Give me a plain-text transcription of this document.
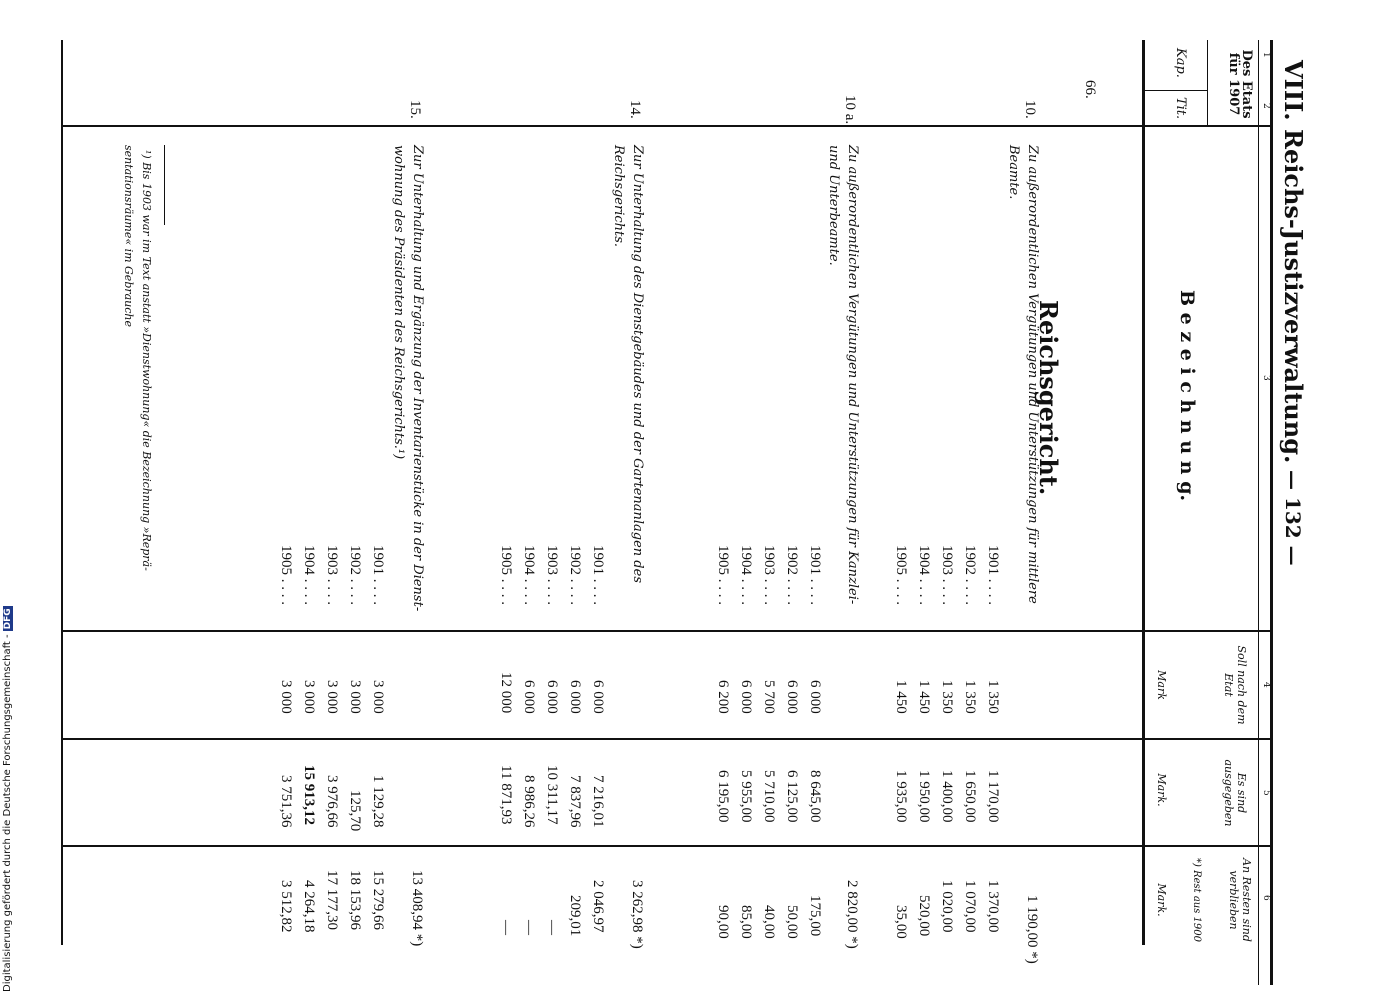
VIII. Reichs-Justizverwaltung.
— 132 —
1
2
3
4
5
6
Des Etats für 1907
Kap.
Tit.
B e z e i c h n u n g.
Soll nach dem Etat
Mark
Es sind ausgegeben
Mark.
An Resten sind verblieben
*) Rest aus 1900
Mark.
66.
Reichsgericht.
10.
Zu außerordentlichen Vergütungen und Unterstützungen für mittlere
Beamte.
1 190,00 *)
1901 . . . .
1902 . . . .
1903 . . . .
1904 . . . .
1905 . . . .
1 350
1 350
1 350
1 450
1 450
1 170,00
1 650,00
1 400,00
1 950,00
1 935,00
1 370,00
1 070,00
1 020,00
520,00
35,00
10 a.
Zu außerordentlichen Vergütungen und Unterstützungen für Kanzlei-
und Unterbeamte.
2 820,00 *)
1901 . . . .
1902 . . . .
1903 . . . .
1904 . . . .
1905 . . . .
6 000
6 000
5 700
6 000
6 200
8 645,00
6 125,00
5 710,00
5 955,00
6 195,00
175,00
50,00
40,00
85,00
90,00
14.
Zur Unterhaltung des Dienstgebäudes und der Gartenanlagen des
Reichsgerichts.
3 262,98 *)
1901 . . . .
1902 . . . .
1903 . . . .
1904 . . . .
1905 . . . .
6 000
6 000
6 000
6 000
12 000
7 216,01
7 837,96
10 311,17
8 986,26
11 871,93
2 046,97
209,01
—
—
—
15.
Zur Unterhaltung und Ergänzung der Inventarienstücke in der Dienst-
wohnung des Präsidenten des Reichsgerichts.¹)
13 408,94 *)
1901 . . . .
1902 . . . .
1903 . . . .
1904 . . . .
1905 . . . .
3 000
3 000
3 000
3 000
3 000
1 129,28
125,70
3 976,66
15 913,12
3 751,36
15 279,66
18 153,96
17 177,30
4 264,18
3 512,82
¹) Bis 1903 war im Text anstatt »Dienstwohnung« die Bezeichnung »Reprä-
sentationsräume« im Gebrauche
Digitalisierung gefördert durch die Deutsche Forschungsgemeinschaft -DFG
